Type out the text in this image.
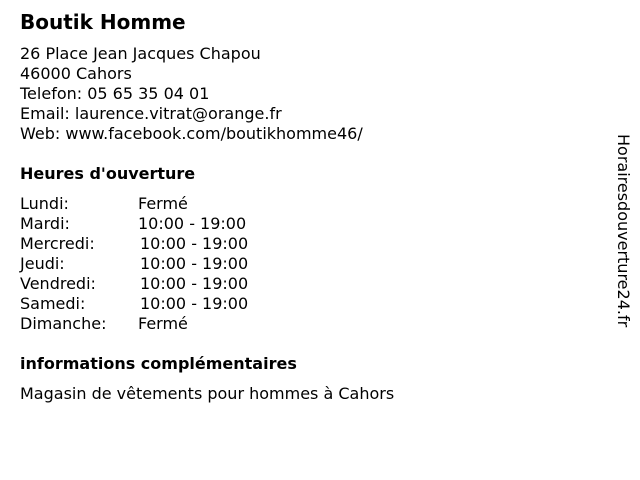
Boutik Homme
26 Place Jean Jacques Chapou
46000 Cahors
Telefon: 05 65 35 04 01
Email: laurence.vitrat@orange.fr
Web: www.facebook.com/boutikhomme46/
Heures d'ouverture
Lundi:	Fermé
Mardi:	10:00 - 19:00
Mercredi:	10:00 - 19:00
Jeudi:	10:00 - 19:00
Vendredi:	10:00 - 19:00
Samedi:	10:00 - 19:00
Dimanche: Fermé
informations complémentaires
Magasin de vêtements pour hommes à Cahors
Horairesdouverture24.fr
